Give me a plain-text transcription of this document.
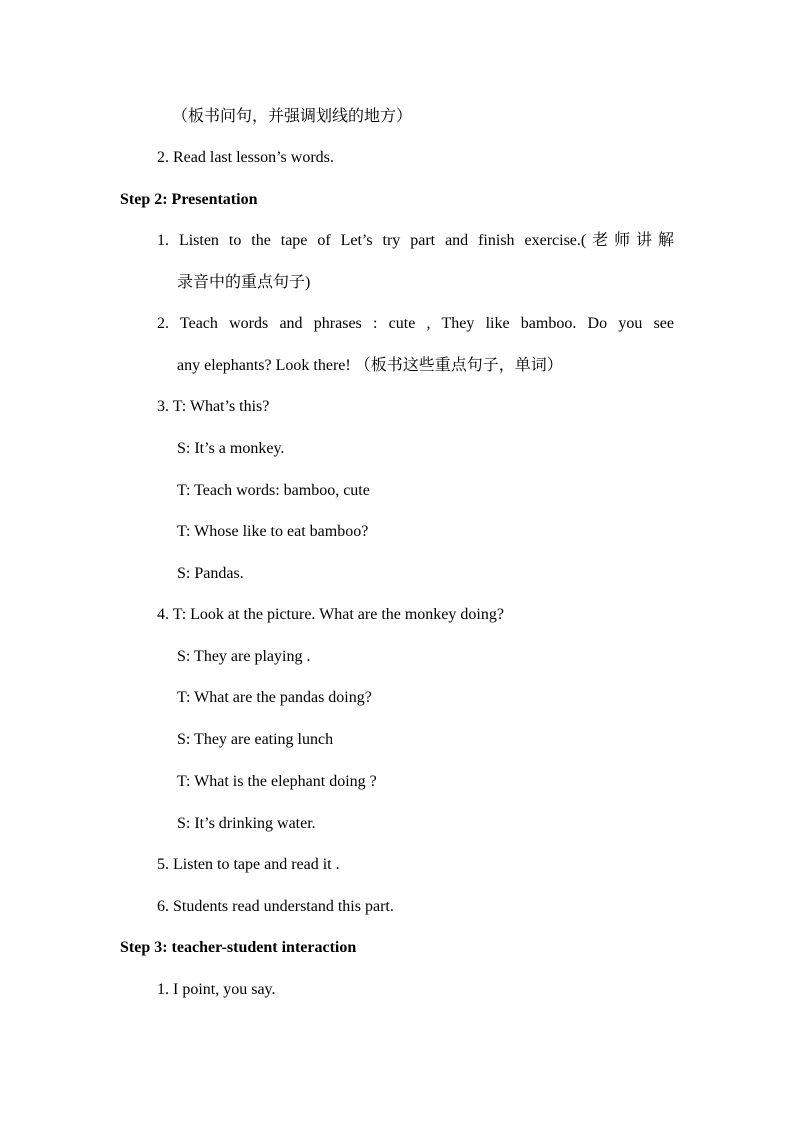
（板书问句，并强调划线的地方）
2. Read last lesson’s words.
Step 2: Presentation
1. Listen to the tape of Let’s try part and finish exercise.(老师讲解
录音中的重点句子)
2. Teach words and phrases : cute , They like bamboo. Do you see
any elephants? Look there! （板书这些重点句子，单词）
3. T: What’s this?
S: It’s a monkey.
T: Teach words: bamboo, cute
T: Whose like to eat bamboo?
S: Pandas.
4. T: Look at the picture. What are the monkey doing?
S: They are playing .
T: What are the pandas doing?
S: They are eating lunch
T: What is the elephant doing ?
S: It’s drinking water.
5. Listen to tape and read it .
6. Students read understand this part.
Step 3: teacher-student interaction
1. I point, you say.
